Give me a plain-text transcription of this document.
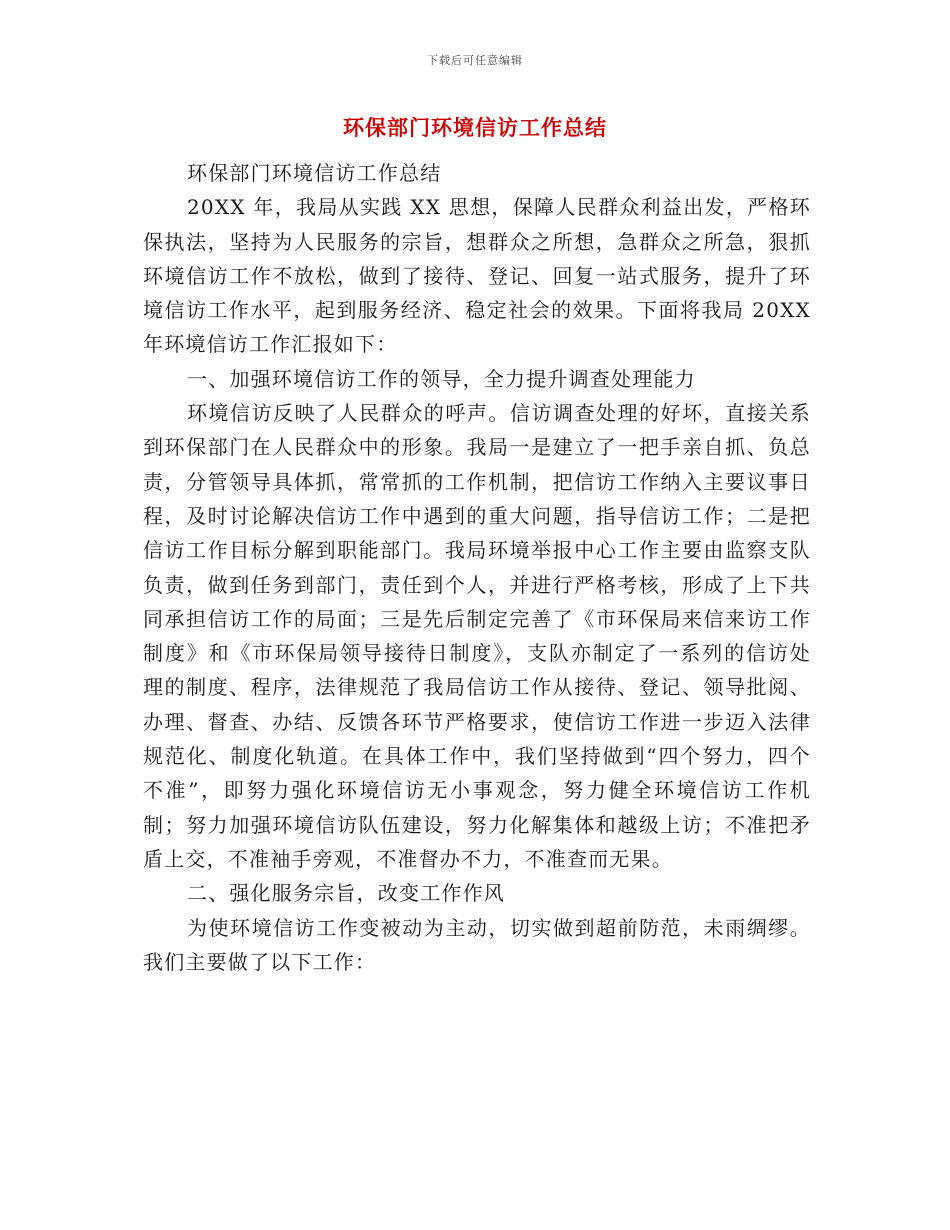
下载后可任意编辑
环保部门环境信访工作总结

环保部门环境信访工作总结

20XX 年，我局从实践 XX 思想，保障人民群众利益出发，严格环保执法，坚持为人民服务的宗旨，想群众之所想，急群众之所急，狠抓环境信访工作不放松，做到了接待、登记、回复一站式服务，提升了环境信访工作水平，起到服务经济、稳定社会的效果。下面将我局 20XX 年环境信访工作汇报如下：

一、加强环境信访工作的领导，全力提升调查处理能力

环境信访反映了人民群众的呼声。信访调查处理的好坏，直接关系到环保部门在人民群众中的形象。我局一是建立了一把手亲自抓、负总责，分管领导具体抓，常常抓的工作机制，把信访工作纳入主要议事日程，及时讨论解决信访工作中遇到的重大问题，指导信访工作；二是把信访工作目标分解到职能部门。我局环境举报中心工作主要由监察支队负责，做到任务到部门，责任到个人，并进行严格考核，形成了上下共同承担信访工作的局面；三是先后制定完善了《市环保局来信来访工作制度》和《市环保局领导接待日制度》，支队亦制定了一系列的信访处理的制度、程序，法律规范了我局信访工作从接待、登记、领导批阅、办理、督查、办结、反馈各环节严格要求，使信访工作进一步迈入法律规范化、制度化轨道。在具体工作中，我们坚持做到“四个努力，四个不准”，即努力强化环境信访无小事观念，努力健全环境信访工作机制；努力加强环境信访队伍建设，努力化解集体和越级上访；不准把矛盾上交，不准袖手旁观，不准督办不力，不准查而无果。

二、强化服务宗旨，改变工作作风

为使环境信访工作变被动为主动，切实做到超前防范，未雨绸缪。我们主要做了以下工作：
